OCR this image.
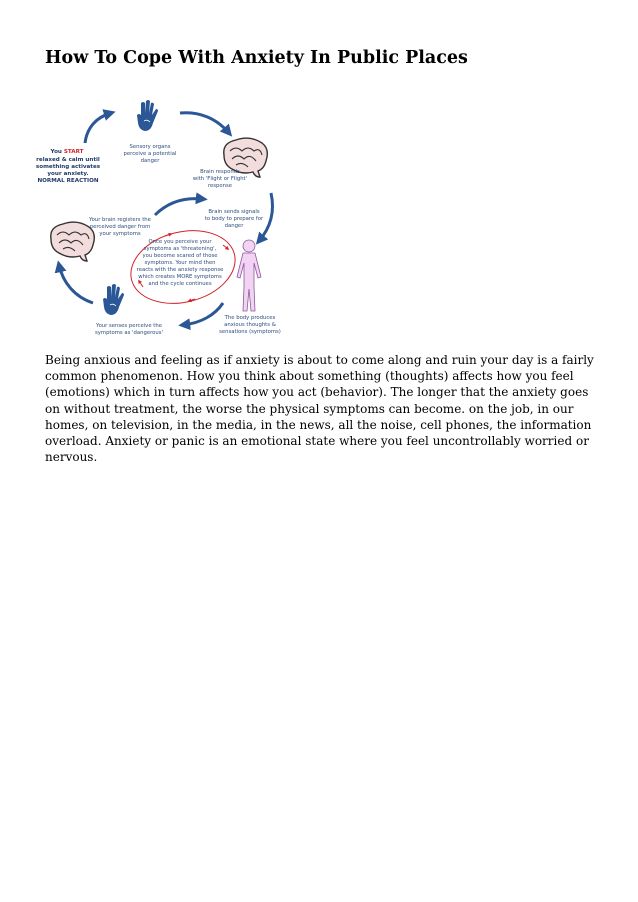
How To Cope With Anxiety In Public Places
You START
relaxed & calm until
something activates
your anxiety.
NORMAL REACTION
Sensory organs
perceive a potential
danger
Brain responds
with 'Flight or Flight'
response
Brain sends signals
to body to prepare for
danger
Your brain registers the
perceived danger from
your symptoms
Once you perceive your
symptoms as 'threatening',
you become scared of those
symptoms. Your mind then
reacts with the anxiety response
which creates MORE symptoms
and the cycle continues
The body produces
anxious thoughts &
sensations (symptoms)
Your senses perceive the
symptoms as 'dangerous'

Being anxious and feeling as if anxiety is about to come along and ruin your day is a fairly common phenomenon. How you think about something (thoughts) affects how you feel (emotions) which in turn affects how you act (behavior). The longer that the anxiety goes on without treatment, the worse the physical symptoms can become. on the job, in our homes, on television, in the media, in the news, all the noise, cell phones, the information overload. Anxiety or panic is an emotional state where you feel uncontrollably worried or nervous.
